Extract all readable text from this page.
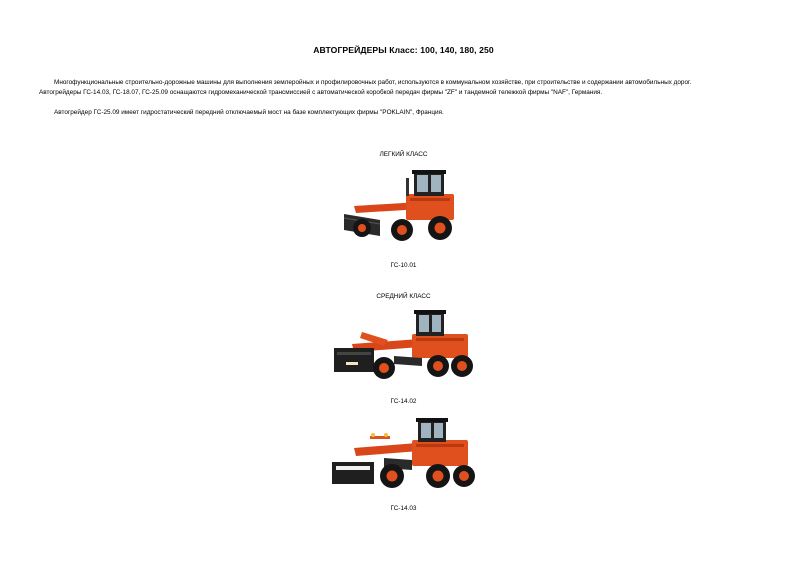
АВТОГРЕЙДЕРЫ Класс: 100, 140, 180, 250
Многофункциональные строительно-дорожные машины для выполнения землеройных и профилировочных работ, используются в коммунальном хозяйстве, при строительстве и содержании автомобильных дорог.
Автогрейдеры ГС-14.03, ГС-18.07, ГС-25.09 оснащаются гидромеханической трансмиссией с автоматической коробкой передач фирмы "ZF" и тандемной тележкой фирмы "NAF", Германия.
Автогрейдер ГС-25.09 имеет гидростатический передний отключаемый мост на базе комплектующих фирмы "POKLAIN", Франция.
ЛЕГКИЙ КЛАСС
ГС-10.01
СРЕДНИЙ КЛАСС
ГС-14.02
ГС-14.03
